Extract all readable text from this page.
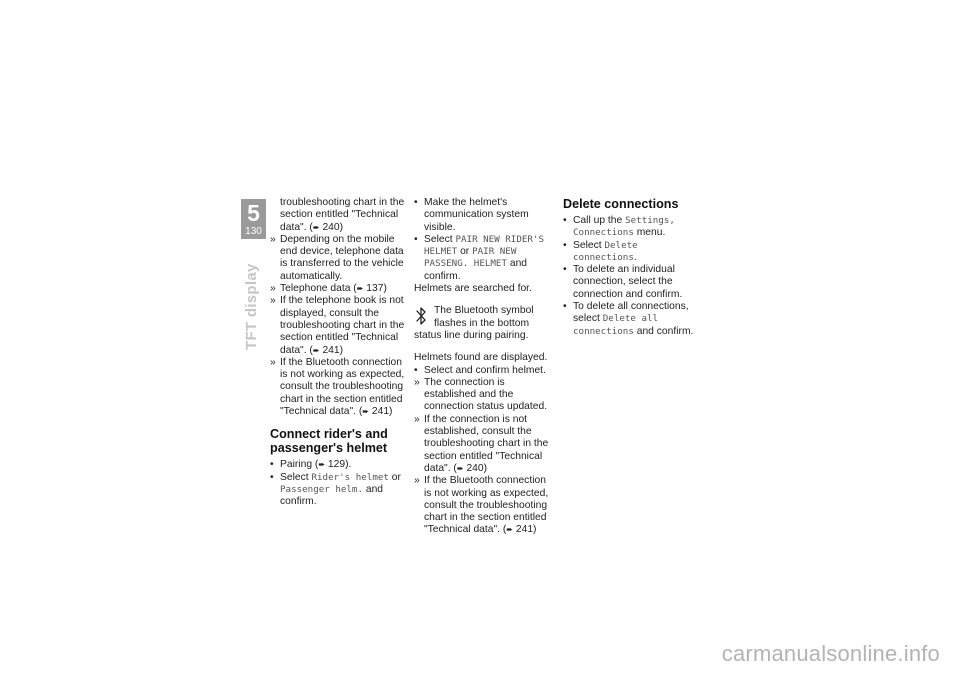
5
130
TFT display

troubleshooting chart in the section entitled "Technical data". (➨ 240)

» Depending on the mobile end device, telephone data is transferred to the vehicle automatically.
» Telephone data (➨ 137)
» If the telephone book is not displayed, consult the troubleshooting chart in the section entitled "Technical data". (➨ 241)
» If the Bluetooth connection is not working as expected, consult the troubleshooting chart in the section entitled "Technical data". (➨ 241)
Connect rider's and passenger's helmet
• Pairing (➨ 129).
• Select Rider's helmet or Passenger helm. and confirm.
• Make the helmet's communication system visible.
• Select PAIR NEW RIDER'S HELMET or PAIR NEW PASSENG. HELMET and confirm.

Helmets are searched for.

The Bluetooth symbol flashes in the bottom status line during pairing.

Helmets found are displayed.

• Select and confirm helmet.
» The connection is established and the connection status updated.
» If the connection is not established, consult the troubleshooting chart in the section entitled "Technical data". (➨ 240)
» If the Bluetooth connection is not working as expected, consult the troubleshooting chart in the section entitled "Technical data". (➨ 241)
Delete connections
• Call up the Settings, Connections menu.
• Select Delete connections.
• To delete an individual connection, select the connection and confirm.
• To delete all connections, select Delete all connections and confirm.
carmanualsonline.info
